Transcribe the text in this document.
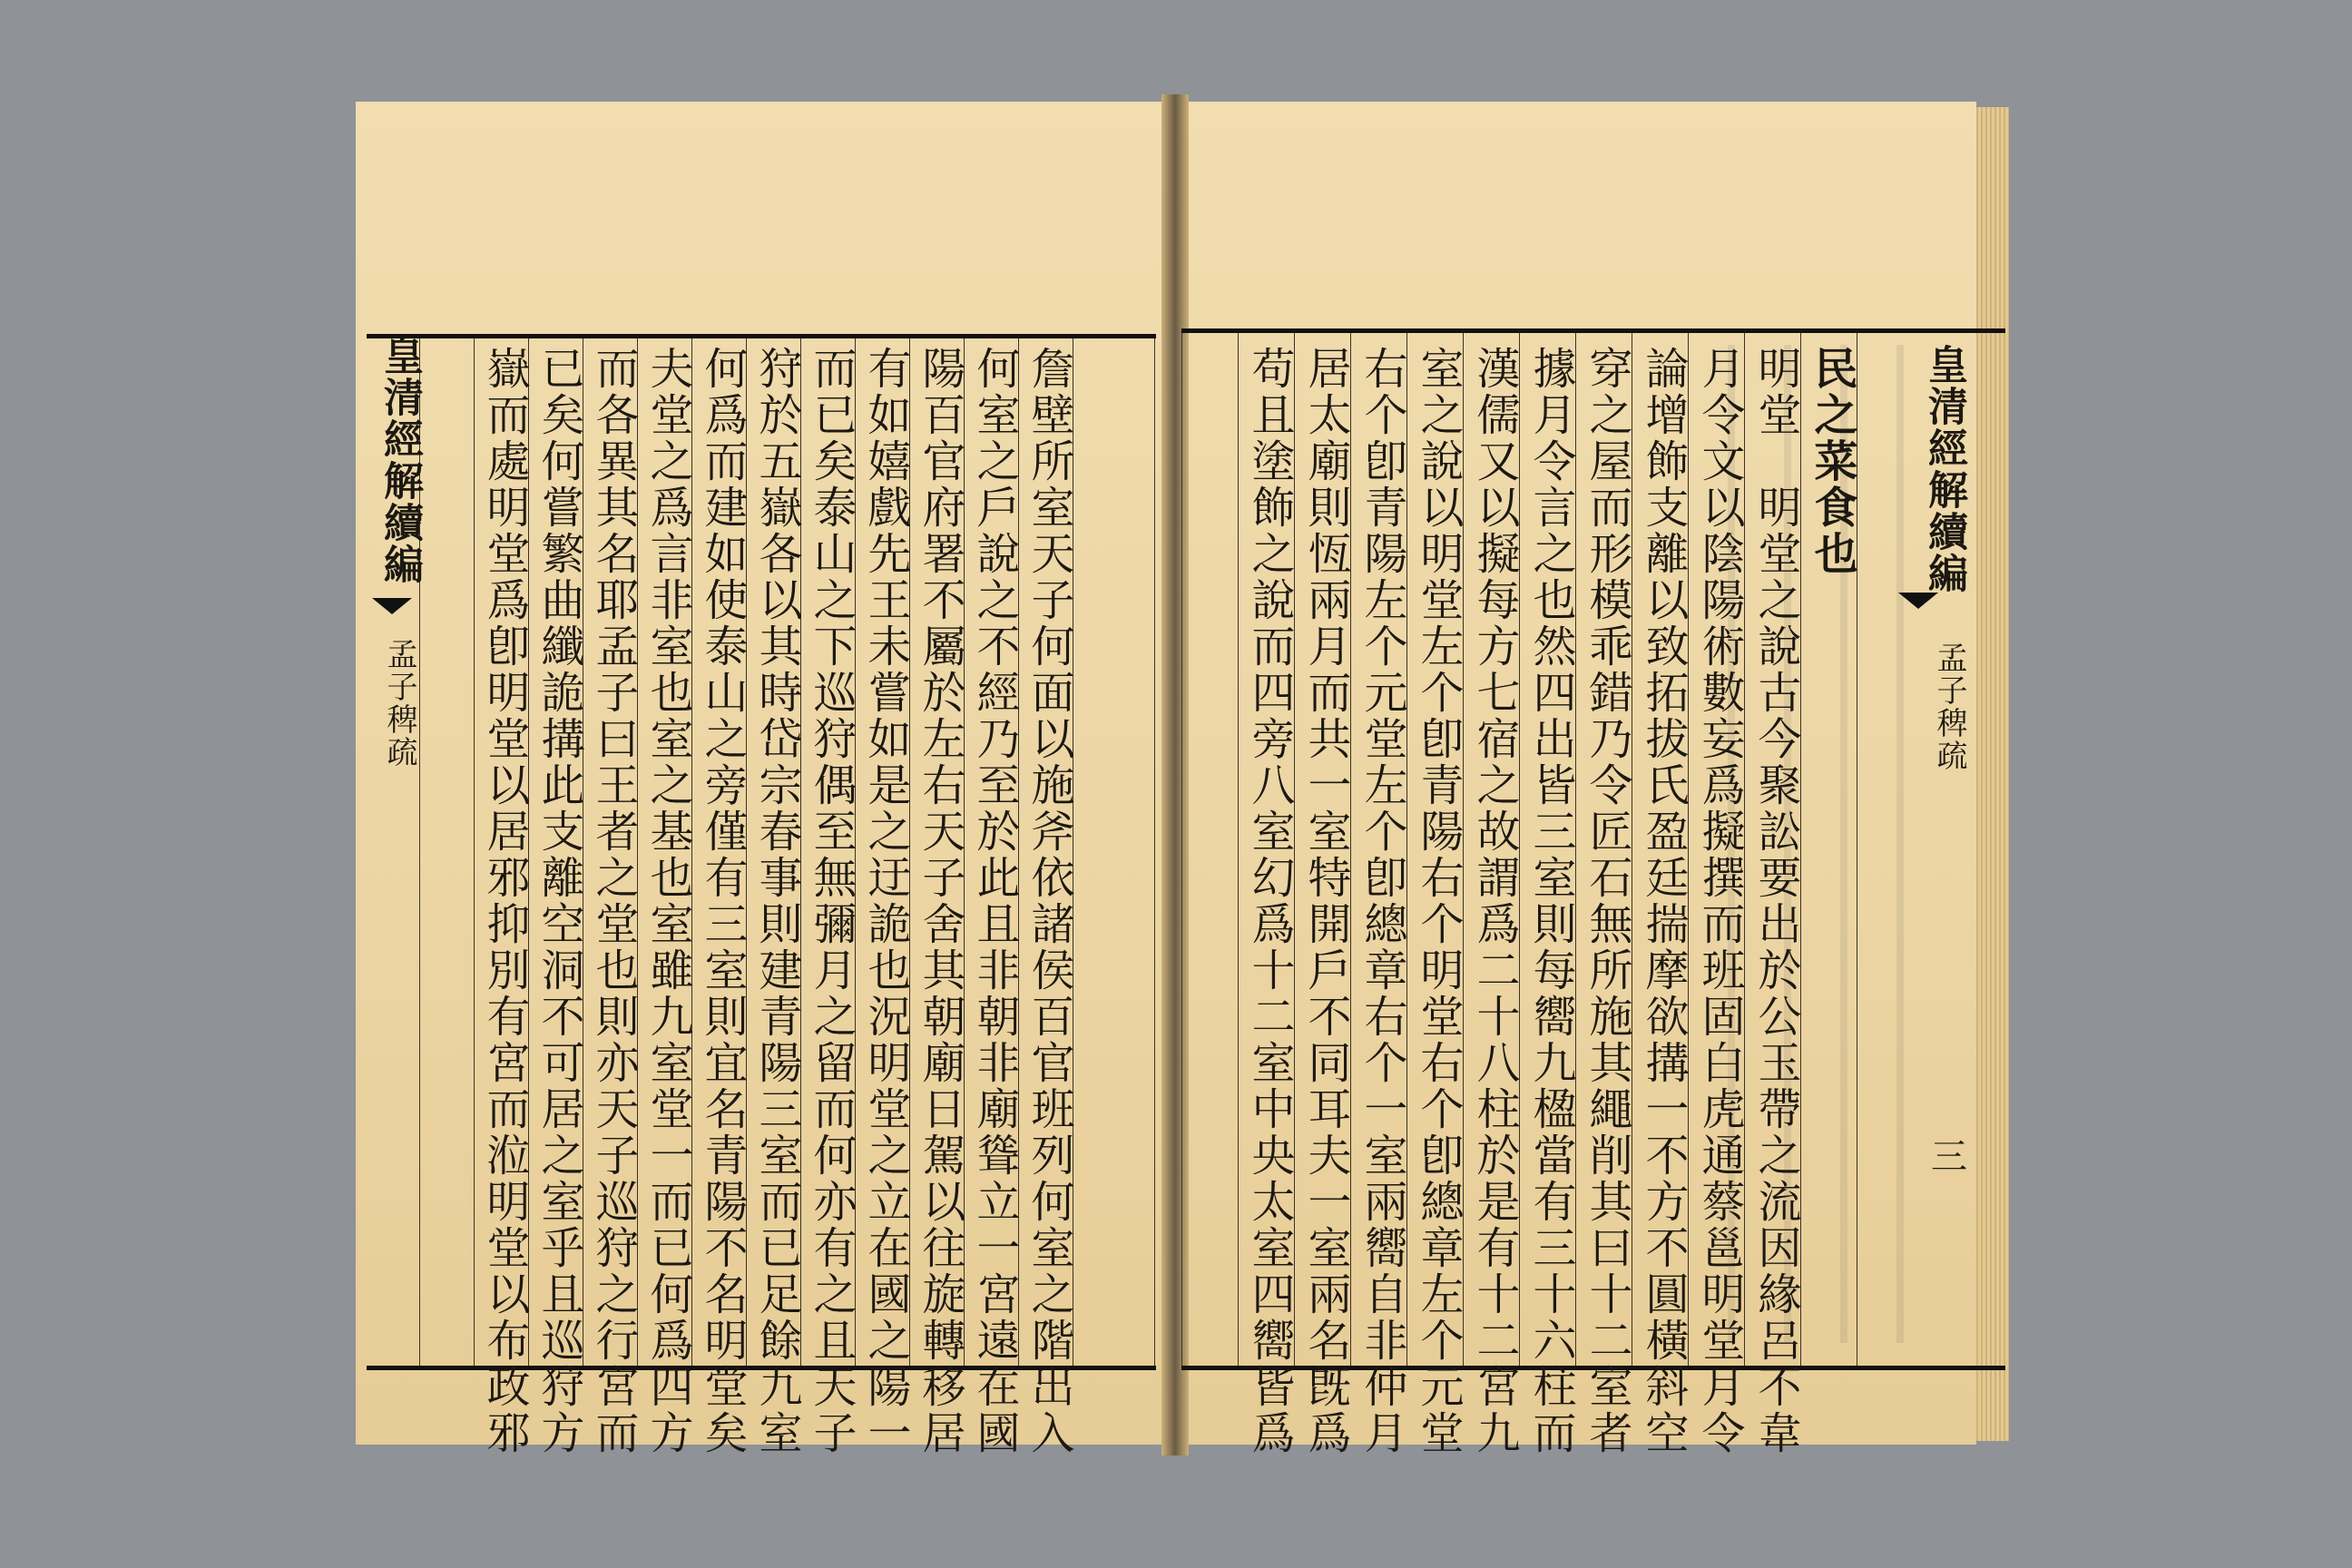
民之菜食也
明堂　明堂之說古今聚訟要出於公玉帶之流因緣呂不韋
月令文以陰陽術數妄爲擬撰而班固白虎通蔡邕明堂月令
論增飾支離以致拓拔氏盈廷揣摩欲搆一不方不圓橫斜空
穿之屋而形模乖錯乃令匠石無所施其繩削其曰十二室者
據月令言之也然四出皆三室則每嚮九楹當有三十六柱而
漢儒又以擬每方七宿之故謂爲二十八柱於是有十二宮九
室之說以明堂左个卽青陽右个明堂右个卽總章左个元堂
右个卽青陽左个元堂左个卽總章右个一室兩嚮自非仲月
居太廟則恆兩月而共一室特開戶不同耳夫一室兩名旣爲
苟且塗飾之說而四旁八室幻爲十二室中央太室四嚮皆爲	皇清經解續編
孟子稗疏
三
詹壁所室天子何面以施斧依諸侯百官班列何室之階出入
何室之戶說之不經乃至於此且非朝非廟聳立一宮遠在國
陽百官府署不屬於左右天子舍其朝廟日駕以往旋轉移居
有如嬉戲先王未嘗如是之迂詭也況明堂之立在國之陽一
而已矣泰山之下巡狩偶至無彌月之留而何亦有之且天子
狩於五嶽各以其時岱宗春事則建青陽三室而已足餘九室
何爲而建如使泰山之旁僅有三室則宜名青陽不名明堂矣
夫堂之爲言非室也室之基也室雖九室堂一而已何爲四方
而各異其名耶孟子曰王者之堂也則亦天子巡狩之行宮而
已矣何嘗繁曲纖詭搆此支離空洞不可居之室乎且巡狩方
嶽而處明堂爲卽明堂以居邪抑別有宮而涖明堂以布政邪
皇清經解續編
孟子稗疏
